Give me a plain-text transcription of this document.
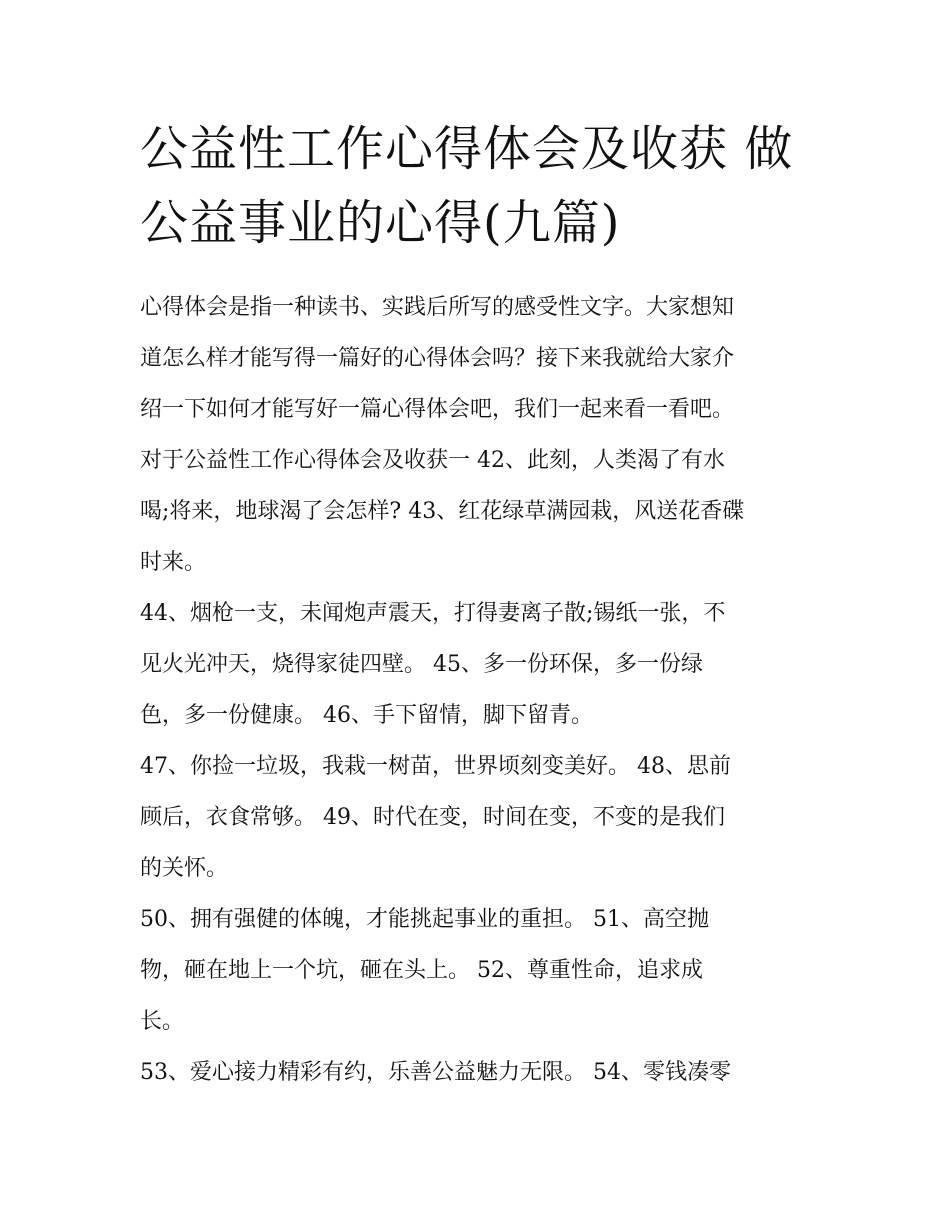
公益性工作心得体会及收获 做
公益事业的心得(九篇)

心得体会是指一种读书、实践后所写的感受性文字。大家想知
道怎么样才能写得一篇好的心得体会吗？接下来我就给大家介
绍一下如何才能写好一篇心得体会吧，我们一起来看一看吧。
对于公益性工作心得体会及收获一 42、此刻，人类渴了有水
喝;将来，地球渴了会怎样? 43、红花绿草满园栽，风送花香碟
时来。

44、烟枪一支，未闻炮声震天，打得妻离子散;锡纸一张，不
见火光冲天，烧得家徒四壁。 45、多一份环保，多一份绿
色，多一份健康。 46、手下留情，脚下留青。

47、你捡一垃圾，我栽一树苗，世界顷刻变美好。 48、思前
顾后，衣食常够。 49、时代在变，时间在变，不变的是我们
的关怀。

50、拥有强健的体魄，才能挑起事业的重担。 51、高空抛
物，砸在地上一个坑，砸在头上。 52、尊重性命，追求成
长。

53、爱心接力精彩有约，乐善公益魅力无限。 54、零钱凑零
